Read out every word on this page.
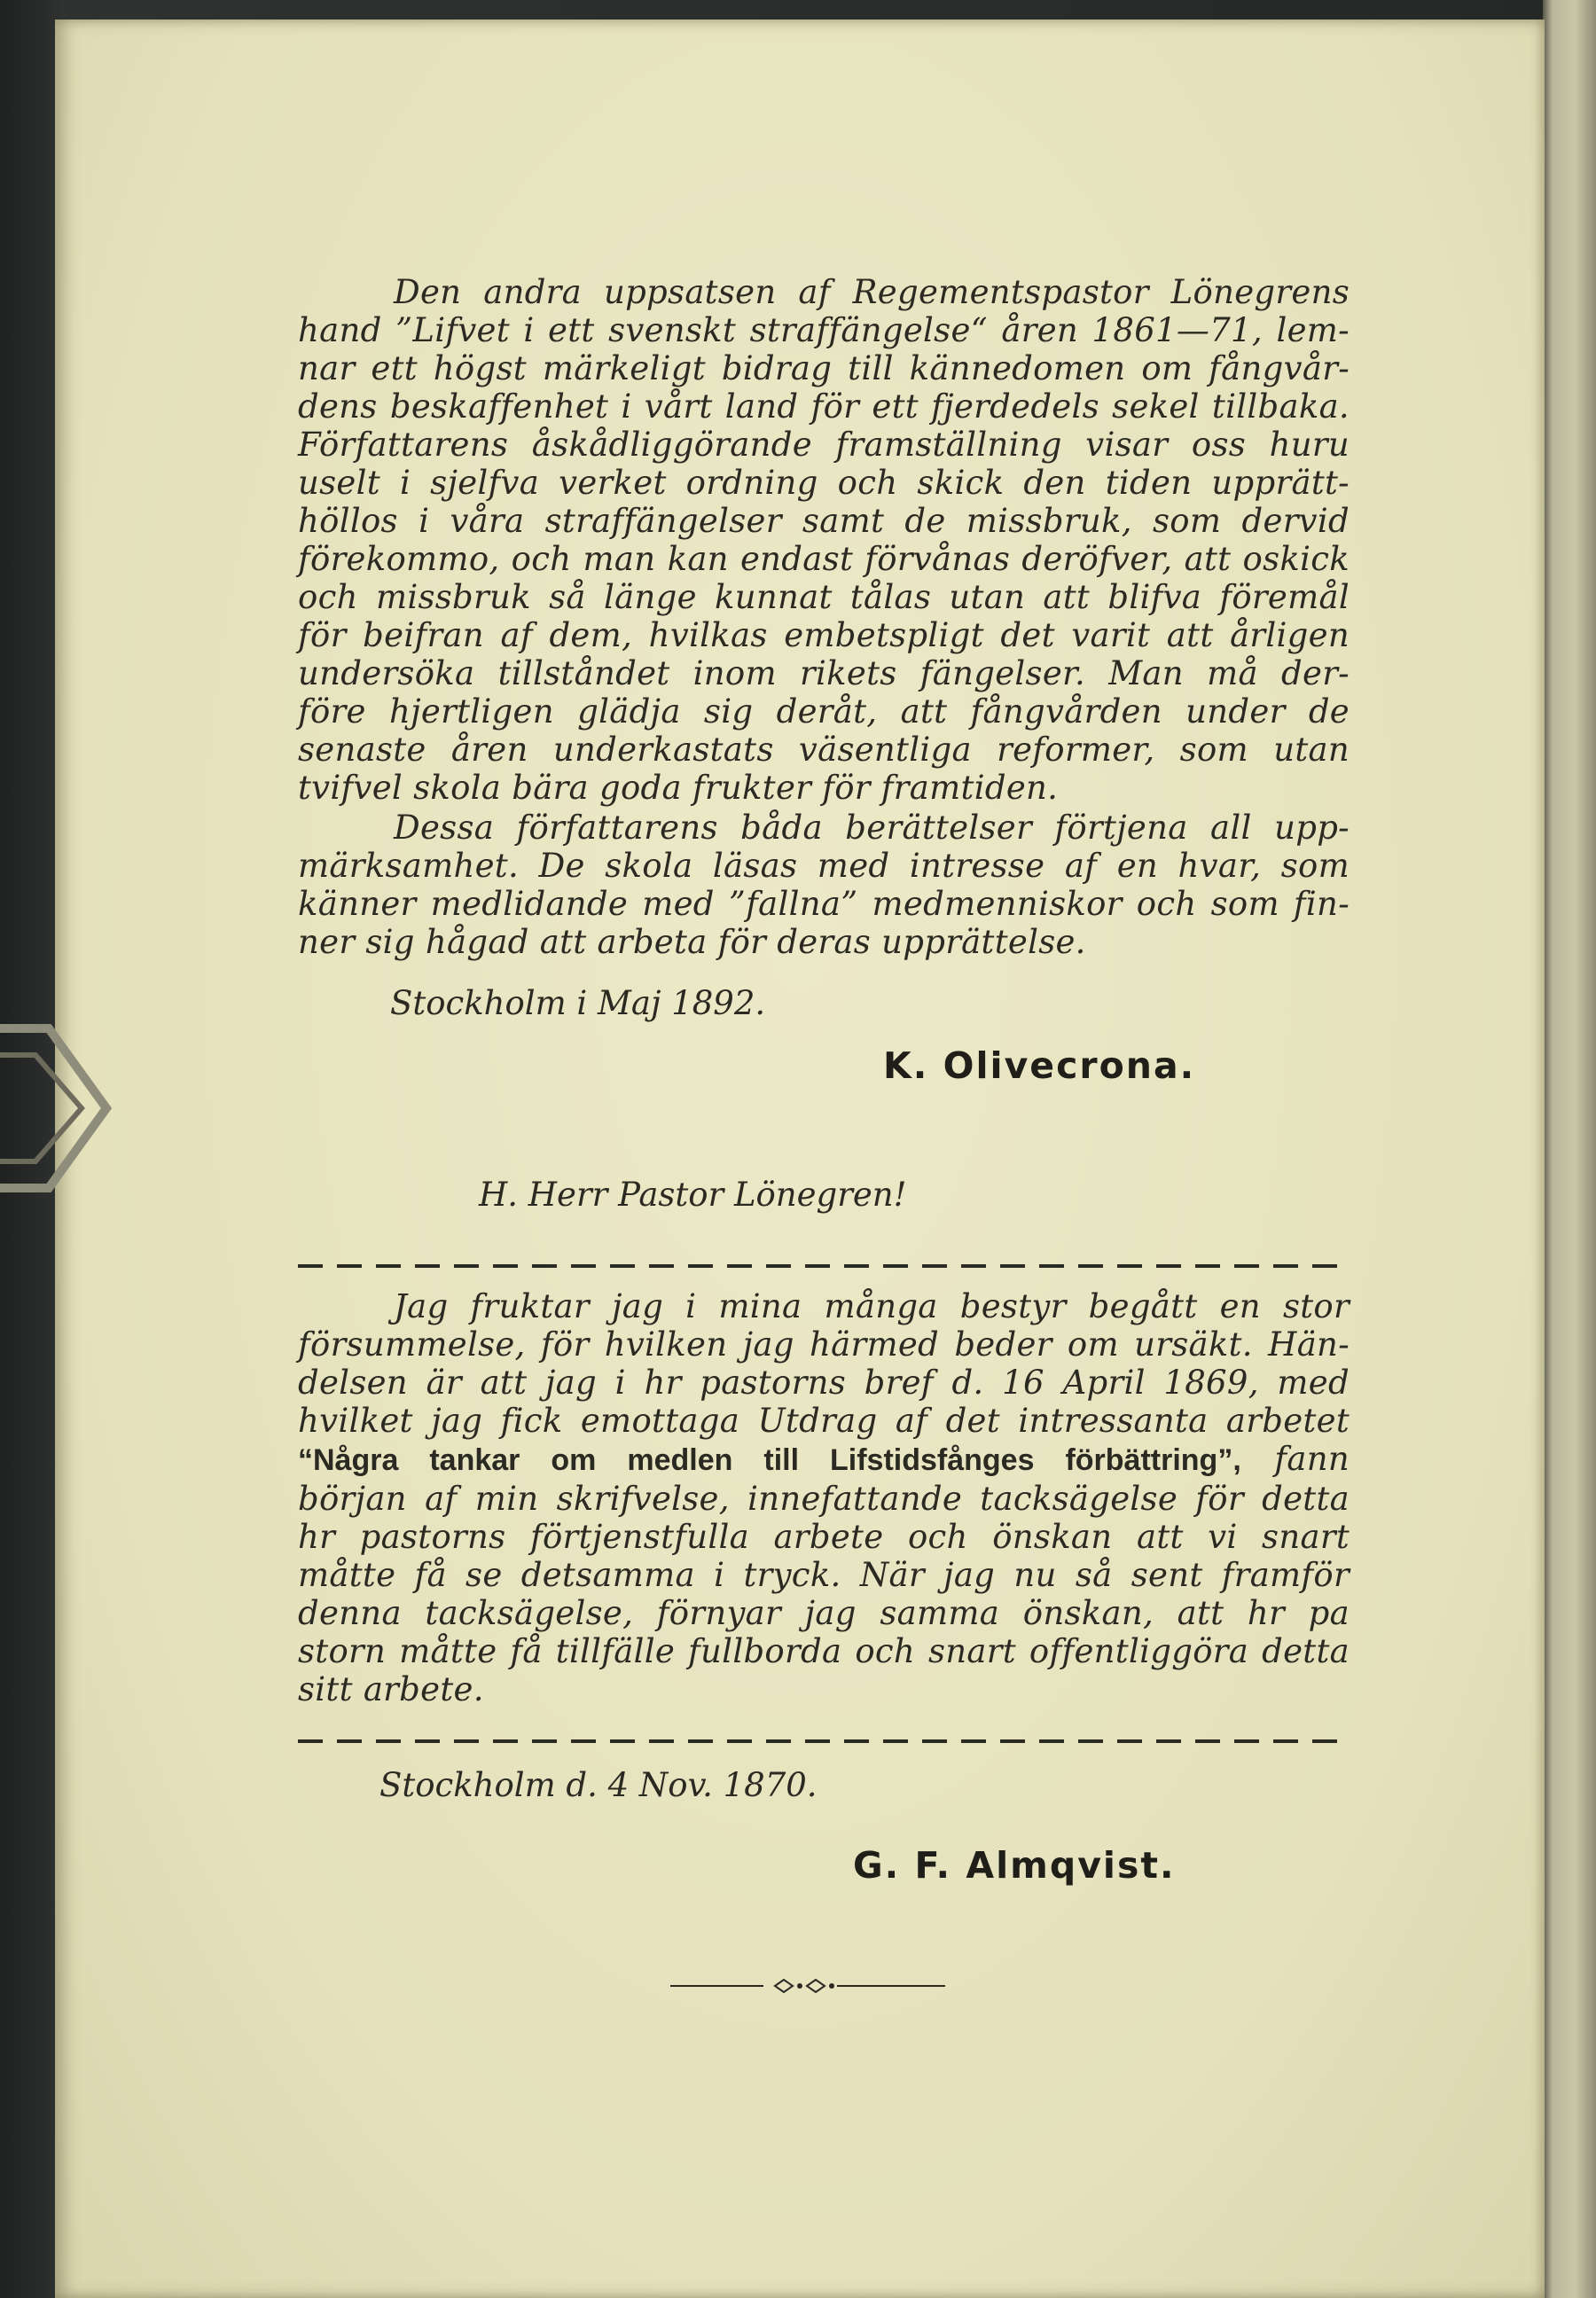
Den andra uppsatsen af Regementspastor Lönegrens
hand ”Lifvet i ett svenskt straffängelse“ åren 1861—71, lem-
nar ett högst märkeligt bidrag till kännedomen om fångvår-
dens beskaffenhet i vårt land för ett fjerdedels sekel tillbaka.
Författarens åskådliggörande framställning visar oss huru
uselt i sjelfva verket ordning och skick den tiden upprätt-
höllos i våra straffängelser samt de missbruk, som dervid
förekommo, och man kan endast förvånas deröfver, att oskick
och missbruk så länge kunnat tålas utan att blifva föremål
för beifran af dem, hvilkas embetspligt det varit att årligen
undersöka tillståndet inom rikets fängelser. Man må der-
före hjertligen glädja sig deråt, att fångvården under de
senaste åren underkastats väsentliga reformer, som utan
tvifvel skola bära goda frukter för framtiden.
Dessa författarens båda berättelser förtjena all upp-
märksamhet. De skola läsas med intresse af en hvar, som
känner medlidande med ”fallna” medmenniskor och som fin-
ner sig hågad att arbeta för deras upprättelse.
Stockholm i Maj 1892.
K. Olivecrona.
H. Herr Pastor Lönegren!
Jag fruktar jag i mina många bestyr begått en stor
försummelse, för hvilken jag härmed beder om ursäkt. Hän-
delsen är att jag i hr pastorns bref d. 16 April 1869, med
hvilket jag fick emottaga Utdrag af det intressanta arbetet
“Några tankar om medlen till Lifstidsfånges förbättring”, fann
början af min skrifvelse, innefattande tacksägelse för detta
hr pastorns förtjenstfulla arbete och önskan att vi snart
måtte få se detsamma i tryck. När jag nu så sent framför
denna tacksägelse, förnyar jag samma önskan, att hr pa
storn måtte få tillfälle fullborda och snart offentliggöra detta
sitt arbete.
Stockholm d. 4 Nov. 1870.
G. F. Almqvist.
